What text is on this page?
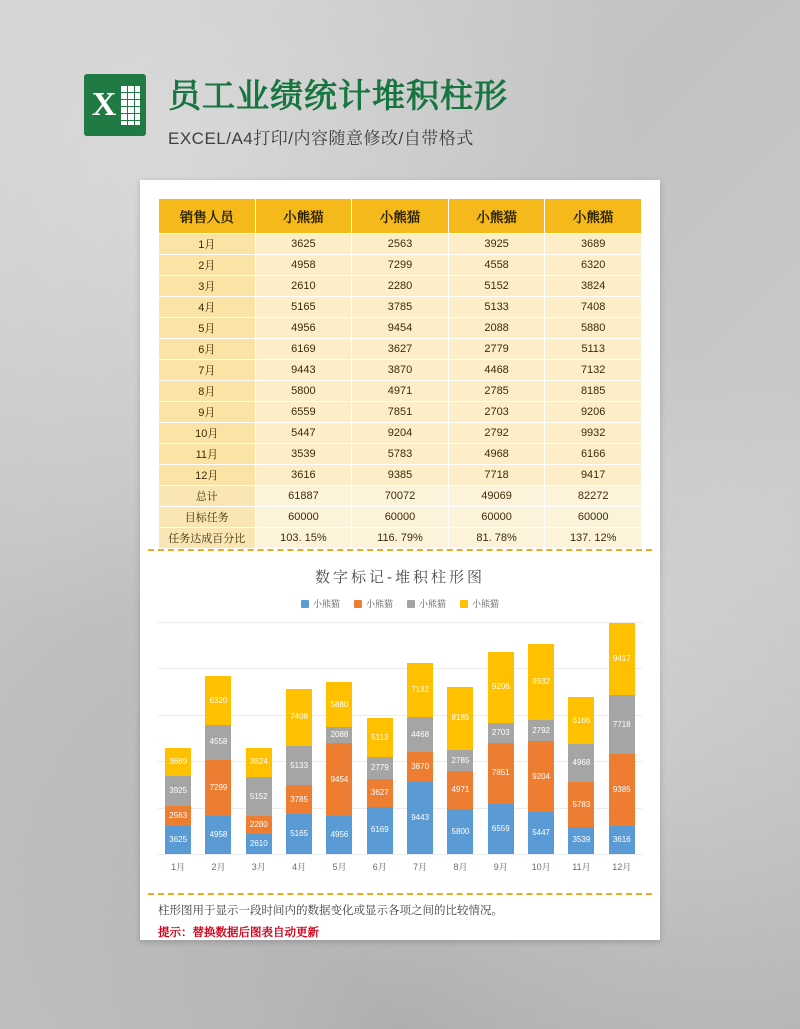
X 员工业绩统计堆积柱形
EXCEL/A4打印/内容随意修改/自带格式
销售人员	小熊猫	小熊猫	小熊猫	小熊猫
1月	3625	2563	3925	3689
2月	4958	7299	4558	6320
3月	2610	2280	5152	3824
4月	5165	3785	5133	7408
5月	4956	9454	2088	5880
6月	6169	3627	2779	5113
7月	9443	3870	4468	7132
8月	5800	4971	2785	8185
9月	6559	7851	2703	9206
10月	5447	9204	2792	9932
11月	3539	5783	4968	6166
12月	3616	9385	7718	9417
总计	61887	70072	49069	82272
目标任务	60000	60000	60000	60000
任务达成百分比	103. 15%	116. 79%	81. 78%	137. 12%
数字标记-堆积柱形图
小熊猫	小熊猫	小熊猫	小熊猫
3689
3925
2563
3625
6320
4558
7299
4958
3824
5152
2280
2610
7408
5133
3785
5165
5880
2088
9454
4956
5113
2779
3627
6169
7132
4468
3870
9443
8185
2785
4971
5800
9206
2703
7851
6559
9932
2792
9204
5447
6166
4968
5783
3539
9417
7718
9385
3616
1月	2月	3月	4月	5月	6月	7月	8月	9月	10月	11月	12月
柱形图用于显示一段时间内的数据变化或显示各项之间的比较情况。
提示：替换数据后图表自动更新
